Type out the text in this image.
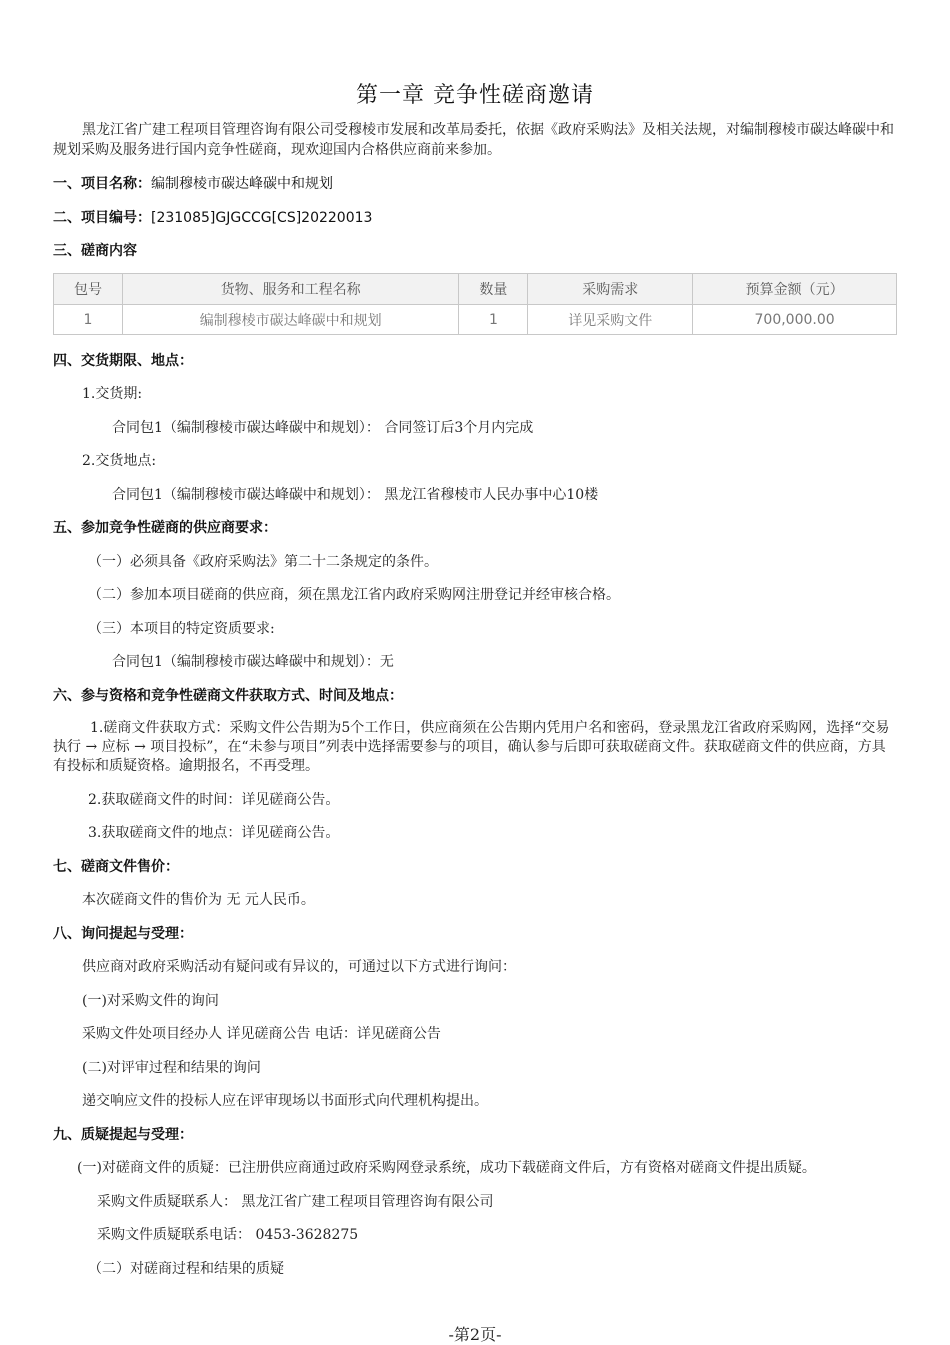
第一章 竞争性磋商邀请
黑龙江省广建工程项目管理咨询有限公司受穆棱市发展和改革局委托，依据《政府采购法》及相关法规，对编制穆棱市碳达峰碳中和规划采购及服务进行国内竞争性磋商，现欢迎国内合格供应商前来参加。
一、项目名称：编制穆棱市碳达峰碳中和规划
二、项目编号：[231085]GJGCCG[CS]20220013
三、磋商内容
包号	货物、服务和工程名称	数量	采购需求	预算金额（元）
1	编制穆棱市碳达峰碳中和规划	1	详见采购文件	700,000.00
四、交货期限、地点：
1.交货期:
合同包1（编制穆棱市碳达峰碳中和规划）： 合同签订后3个月内完成
2.交货地点:
合同包1（编制穆棱市碳达峰碳中和规划）： 黑龙江省穆棱市人民办事中心10楼
五、参加竞争性磋商的供应商要求：
（一）必须具备《政府采购法》第二十二条规定的条件。
（二）参加本项目磋商的供应商，须在黑龙江省内政府采购网注册登记并经审核合格。
（三）本项目的特定资质要求:
合同包1（编制穆棱市碳达峰碳中和规划）：无
六、参与资格和竞争性磋商文件获取方式、时间及地点：
1.磋商文件获取方式：采购文件公告期为5个工作日，供应商须在公告期内凭用户名和密码，登录黑龙江省政府采购网，选择“交易执行 → 应标 → 项目投标”，在“未参与项目”列表中选择需要参与的项目，确认参与后即可获取磋商文件。获取磋商文件的供应商，方具有投标和质疑资格。逾期报名，不再受理。
2.获取磋商文件的时间：详见磋商公告。
3.获取磋商文件的地点：详见磋商公告。
七、磋商文件售价：
本次磋商文件的售价为 无 元人民币。
八、询问提起与受理：
供应商对政府采购活动有疑问或有异议的，可通过以下方式进行询问：
(一)对采购文件的询问
采购文件处项目经办人 详见磋商公告 电话：详见磋商公告
(二)对评审过程和结果的询问
递交响应文件的投标人应在评审现场以书面形式向代理机构提出。
九、质疑提起与受理：
(一)对磋商文件的质疑：已注册供应商通过政府采购网登录系统，成功下载磋商文件后，方有资格对磋商文件提出质疑。
采购文件质疑联系人： 黑龙江省广建工程项目管理咨询有限公司
采购文件质疑联系电话： 0453-3628275
（二）对磋商过程和结果的质疑
-第2页-
